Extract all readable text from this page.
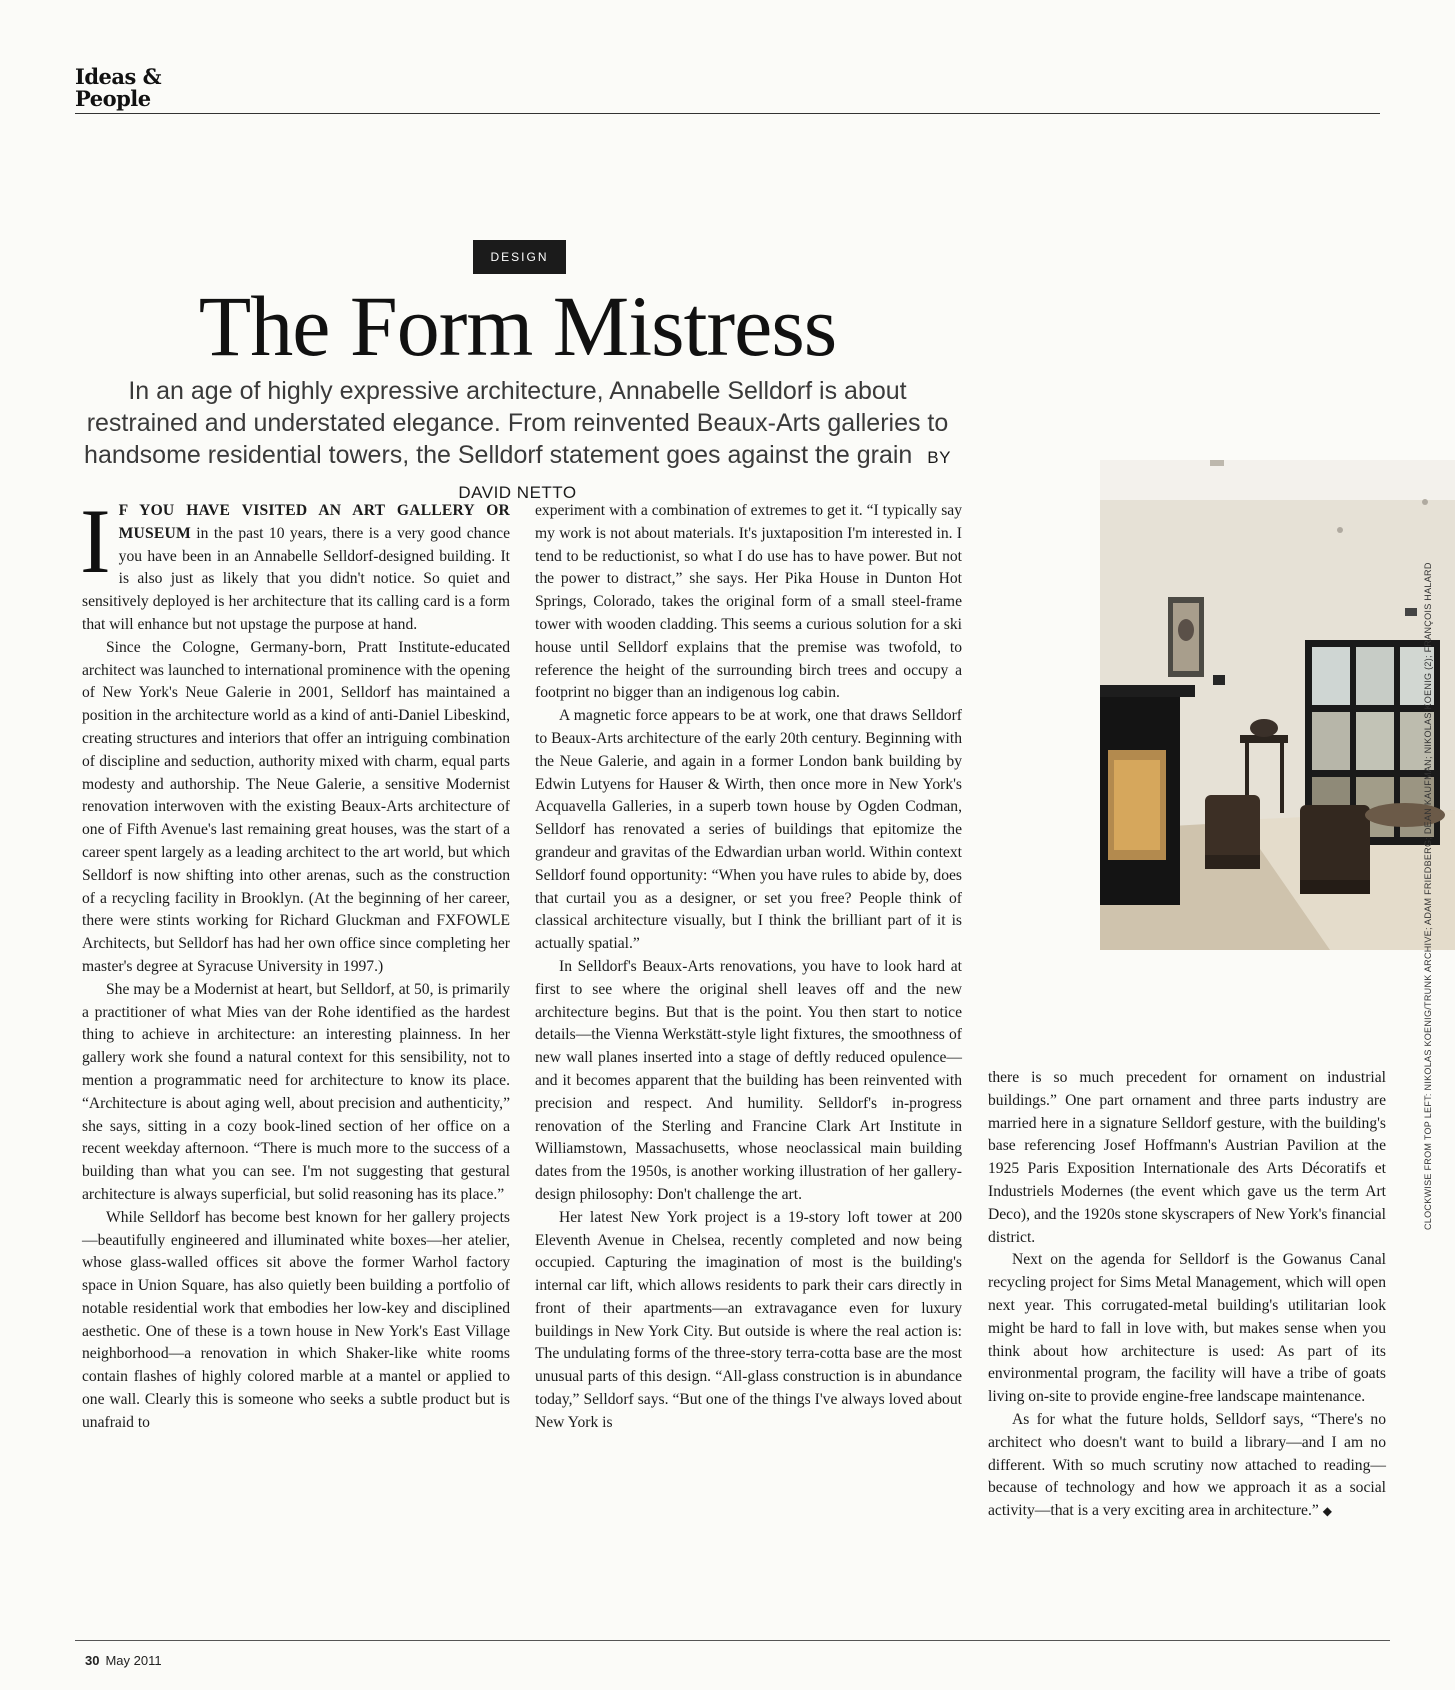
Ideas &
People
DESIGN
The Form Mistress
In an age of highly expressive architecture, Annabelle Selldorf is about restrained and understated elegance. From reinvented Beaux-Arts galleries to handsome residential towers, the Selldorf statement goes against the grain BY DAVID NETTO

I F YOU HAVE VISITED AN ART GALLERY OR MUSEUM in the past 10 years, there is a very good chance you have been in an Annabelle Selldorf-designed building. It is also just as likely that you didn't notice. So quiet and sensitively deployed is her architecture that its calling card is a form that will enhance but not upstage the purpose at hand.

Since the Cologne, Germany-born, Pratt Institute-educated architect was launched to international prominence with the opening of New York's Neue Galerie in 2001, Selldorf has maintained a position in the architecture world as a kind of anti-Daniel Libeskind, creating structures and interiors that offer an intriguing combination of discipline and seduction, authority mixed with charm, equal parts modesty and authorship. The Neue Galerie, a sensitive Modernist renovation interwoven with the existing Beaux-Arts architecture of one of Fifth Avenue's last remaining great houses, was the start of a career spent largely as a leading architect to the art world, but which Selldorf is now shifting into other arenas, such as the construction of a recycling facility in Brooklyn. (At the beginning of her career, there were stints working for Richard Gluckman and FXFOWLE Architects, but Selldorf has had her own office since completing her master's degree at Syracuse University in 1997.)

She may be a Modernist at heart, but Selldorf, at 50, is primarily a practitioner of what Mies van der Rohe identified as the hardest thing to achieve in architecture: an interesting plainness. In her gallery work she found a natural context for this sensibility, not to mention a programmatic need for architecture to know its place. “Architecture is about aging well, about precision and authenticity,” she says, sitting in a cozy book-lined section of her office on a recent weekday afternoon. “There is much more to the success of a building than what you can see. I'm not suggesting that gestural architecture is always superficial, but solid reasoning has its place.”

While Selldorf has become best known for her gallery projects—beautifully engineered and illuminated white boxes—her atelier, whose glass-walled offices sit above the former Warhol factory space in Union Square, has also quietly been building a portfolio of notable residential work that embodies her low-key and disciplined aesthetic. One of these is a town house in New York's East Village neighborhood—a renovation in which Shaker-like white rooms contain flashes of highly colored marble at a mantel or applied to one wall. Clearly this is someone who seeks a subtle product but is unafraid to

experiment with a combination of extremes to get it. “I typically say my work is not about materials. It's juxtaposition I'm interested in. I tend to be reductionist, so what I do use has to have power. But not the power to distract,” she says. Her Pika House in Dunton Hot Springs, Colorado, takes the original form of a small steel-frame tower with wooden cladding. This seems a curious solution for a ski house until Selldorf explains that the premise was twofold, to reference the height of the surrounding birch trees and occupy a footprint no bigger than an indigenous log cabin.

A magnetic force appears to be at work, one that draws Selldorf to Beaux-Arts architecture of the early 20th century. Beginning with the Neue Galerie, and again in a former London bank building by Edwin Lutyens for Hauser & Wirth, then once more in New York's Acquavella Galleries, in a superb town house by Ogden Codman, Selldorf has renovated a series of buildings that epitomize the grandeur and gravitas of the Edwardian urban world. Within context Selldorf found opportunity: “When you have rules to abide by, does that curtail you as a designer, or set you free? People think of classical architecture visually, but I think the brilliant part of it is actually spatial.”

In Selldorf's Beaux-Arts renovations, you have to look hard at first to see where the original shell leaves off and the new architecture begins. But that is the point. You then start to notice details—the Vienna Werkstätt-style light fixtures, the smoothness of new wall planes inserted into a stage of deftly reduced opulence—and it becomes apparent that the building has been reinvented with precision and respect. And humility. Selldorf's in-progress renovation of the Sterling and Francine Clark Art Institute in Williamstown, Massachusetts, whose neoclassical main building dates from the 1950s, is another working illustration of her gallery-design philosophy: Don't challenge the art.

Her latest New York project is a 19-story loft tower at 200 Eleventh Avenue in Chelsea, recently completed and now being occupied. Capturing the imagination of most is the building's internal car lift, which allows residents to park their cars directly in front of their apartments—an extravagance even for luxury buildings in New York City. But outside is where the real action is: The undulating forms of the three-story terra-cotta base are the most unusual parts of this design. “All-glass construction is in abundance today,” Selldorf says. “But one of the things I've always loved about New York is

there is so much precedent for ornament on industrial buildings.” One part ornament and three parts industry are married here in a signature Selldorf gesture, with the building's base referencing Josef Hoffmann's Austrian Pavilion at the 1925 Paris Exposition Internationale des Arts Décoratifs et Industriels Modernes (the event which gave us the term Art Deco), and the 1920s stone skyscrapers of New York's financial district.

Next on the agenda for Selldorf is the Gowanus Canal recycling project for Sims Metal Management, which will open next year. This corrugated-metal building's utilitarian look might be hard to fall in love with, but makes sense when you think about how architecture is used: As part of its environmental program, the facility will have a tribe of goats living on-site to provide engine-free landscape maintenance.

As for what the future holds, Selldorf says, “There's no architect who doesn't want to build a library—and I am no different. With so much scrutiny now attached to reading—because of technology and how we approach it as a social activity—that is a very exciting area in architecture.” ◆

CLOCKWISE FROM TOP LEFT: NIKOLAS KOENIG/TRUNK ARCHIVE; ADAM FRIEDBERG; DEAN KAUFMAN; NIKOLAS KOENIG (2); FRANÇOIS HALARD
30 May 2011
